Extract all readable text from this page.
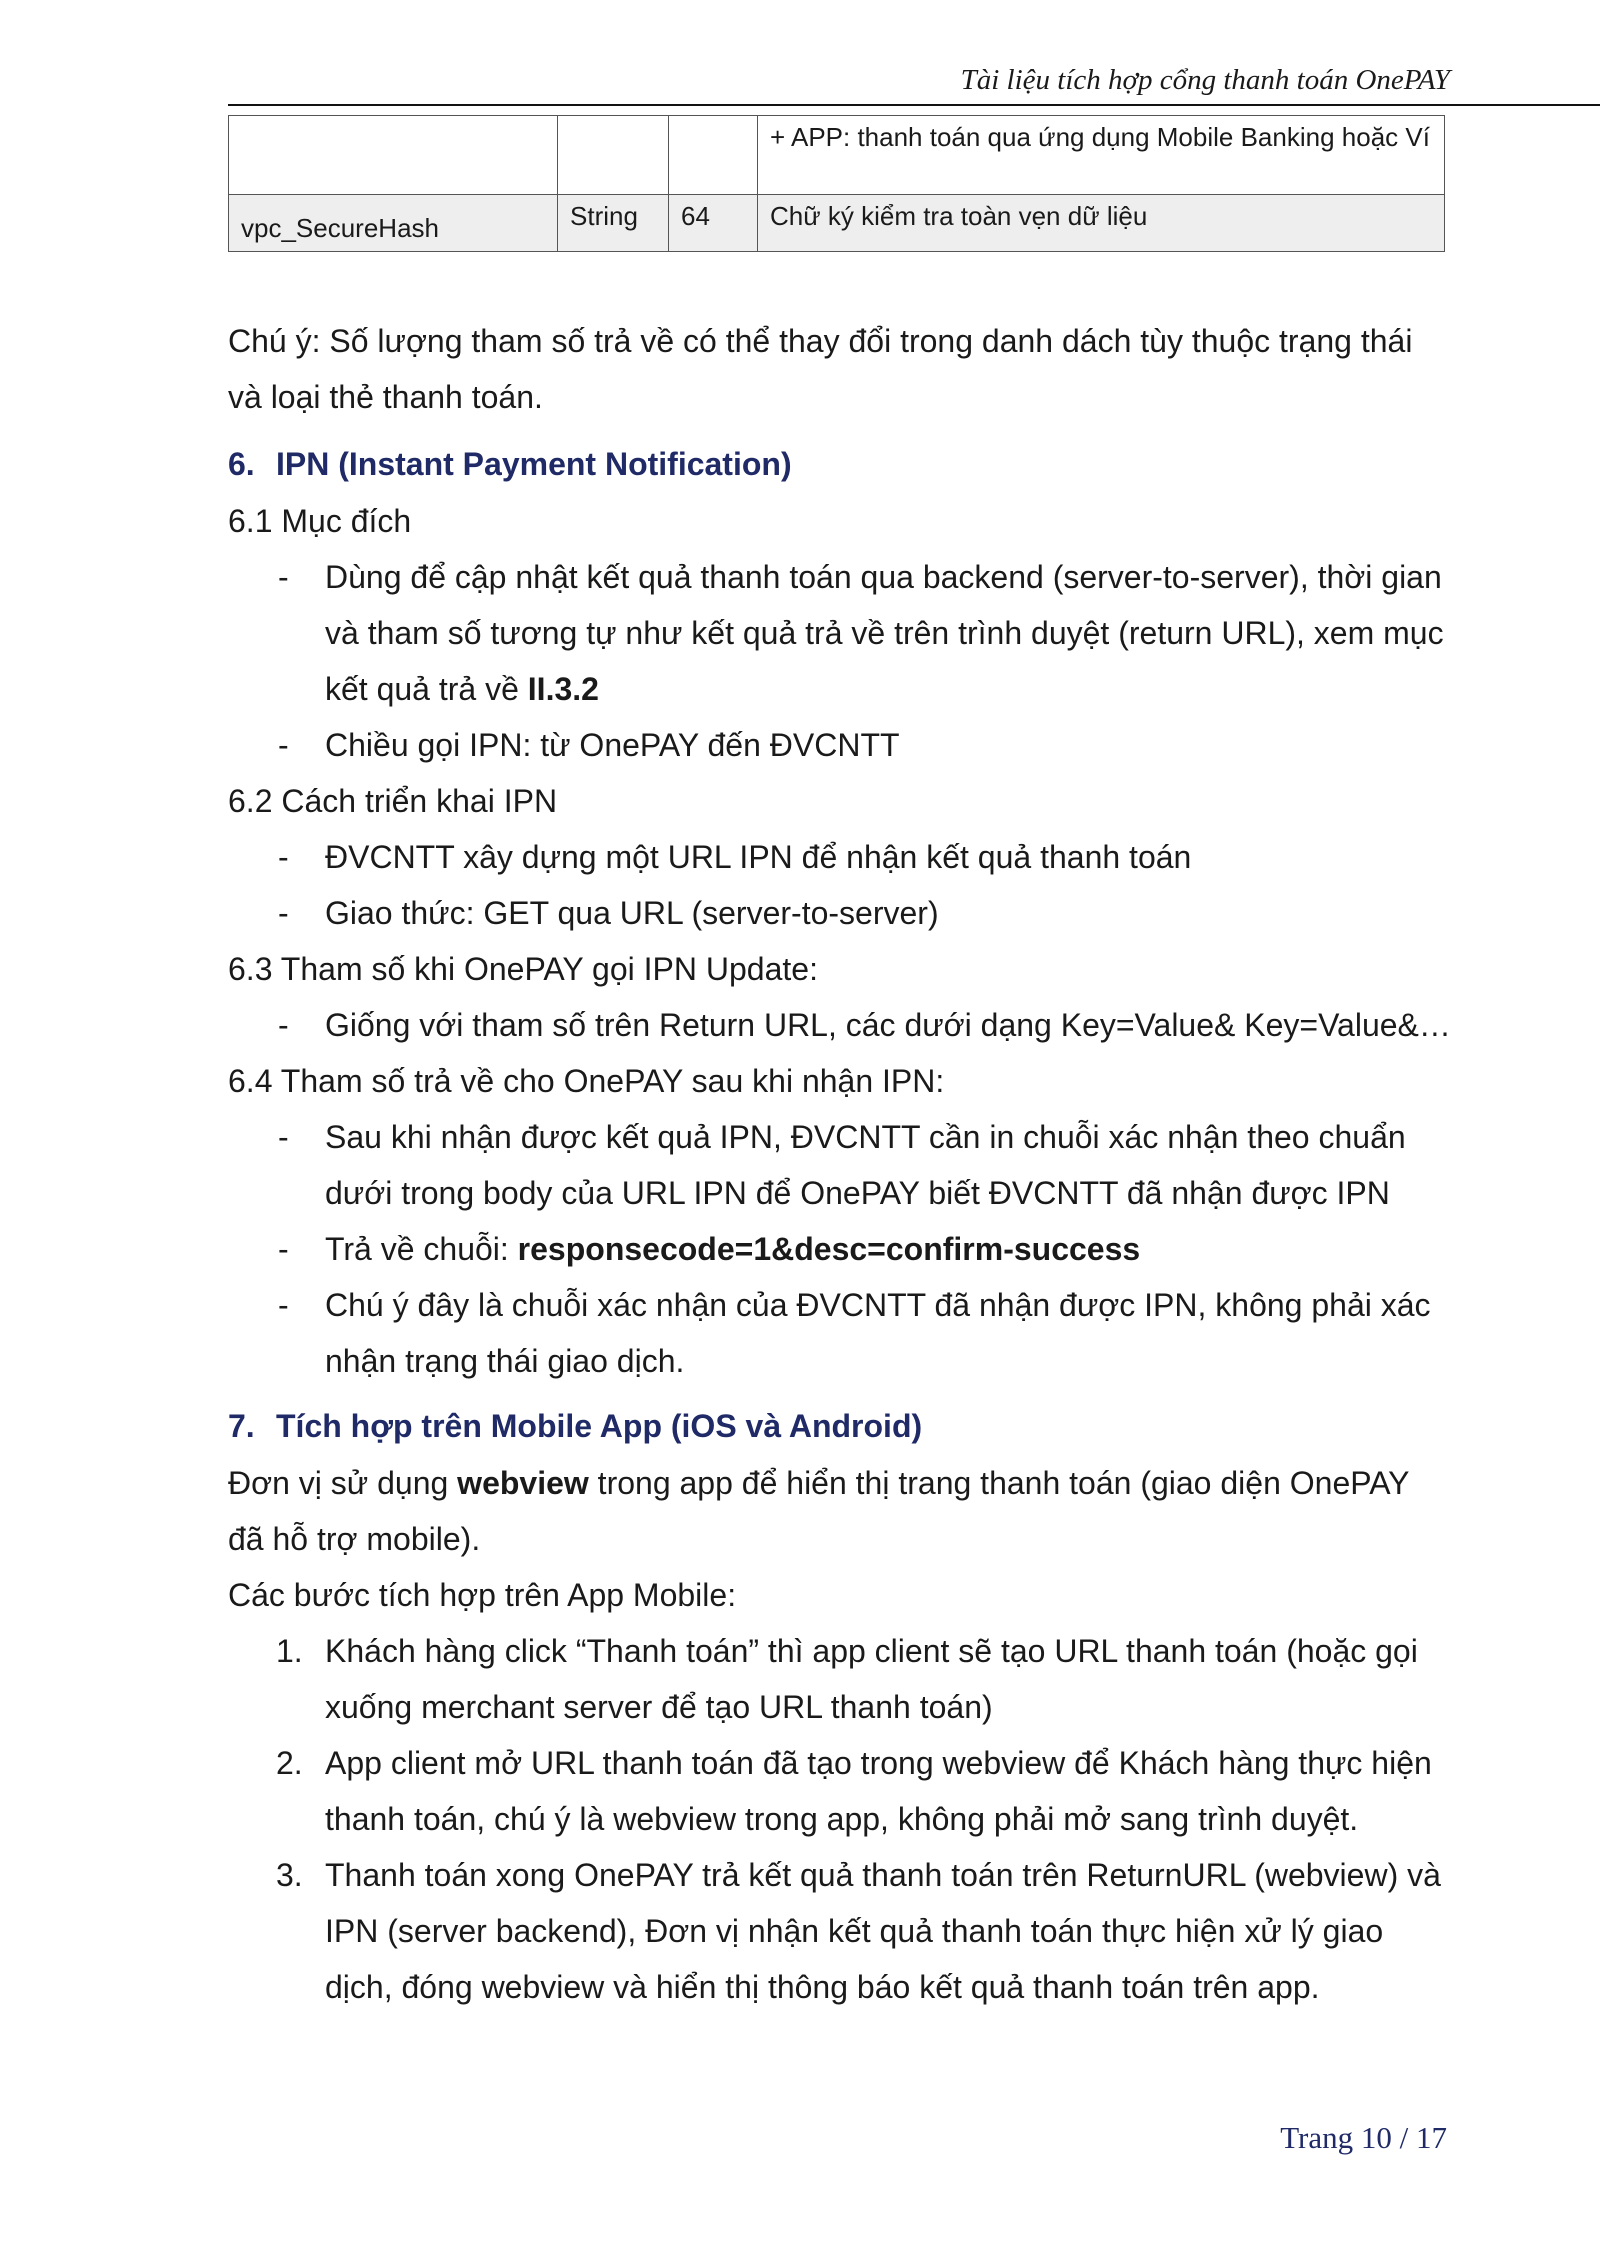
Tài liệu tích hợp cổng thanh toán OnePAY
			+ APP: thanh toán qua ứng dụng Mobile Banking hoặc Ví
vpc_SecureHash	String	64	Chữ ký kiểm tra toàn vẹn dữ liệu

Chú ý: Số lượng tham số trả về có thể thay đổi trong danh dách tùy thuộc trạng thái và loại thẻ thanh toán.

6. IPN (Instant Payment Notification)

6.1 Mục đích

- Dùng để cập nhật kết quả thanh toán qua backend (server-to-server), thời gian và tham số tương tự như kết quả trả về trên trình duyệt (return URL), xem mục kết quả trả về II.3.2
- Chiều gọi IPN: từ OnePAY đến ĐVCNTT

6.2 Cách triển khai IPN

- ĐVCNTT xây dựng một URL IPN để nhận kết quả thanh toán
- Giao thức: GET qua URL (server-to-server)

6.3 Tham số khi OnePAY gọi IPN Update:

- Giống với tham số trên Return URL, các dưới dạng Key=Value& Key=Value&…

6.4 Tham số trả về cho OnePAY sau khi nhận IPN:

- Sau khi nhận được kết quả IPN, ĐVCNTT cần in chuỗi xác nhận theo chuẩn dưới trong body của URL IPN để OnePAY biết ĐVCNTT đã nhận được IPN
- Trả về chuỗi: responsecode=1&desc=confirm-success
- Chú ý đây là chuỗi xác nhận của ĐVCNTT đã nhận được IPN, không phải xác nhận trạng thái giao dịch.
7. Tích hợp trên Mobile App (iOS và Android)

Đơn vị sử dụng webview trong app để hiển thị trang thanh toán (giao diện OnePAY đã hỗ trợ mobile).

Các bước tích hợp trên App Mobile:

1. Khách hàng click “Thanh toán” thì app client sẽ tạo URL thanh toán (hoặc gọi xuống merchant server để tạo URL thanh toán)
2. App client mở URL thanh toán đã tạo trong webview để Khách hàng thực hiện thanh toán, chú ý là webview trong app, không phải mở sang trình duyệt.
3. Thanh toán xong OnePAY trả kết quả thanh toán trên ReturnURL (webview) và IPN (server backend), Đơn vị nhận kết quả thanh toán thực hiện xử lý giao dịch, đóng webview và hiển thị thông báo kết quả thanh toán trên app.
Trang 10 / 17
